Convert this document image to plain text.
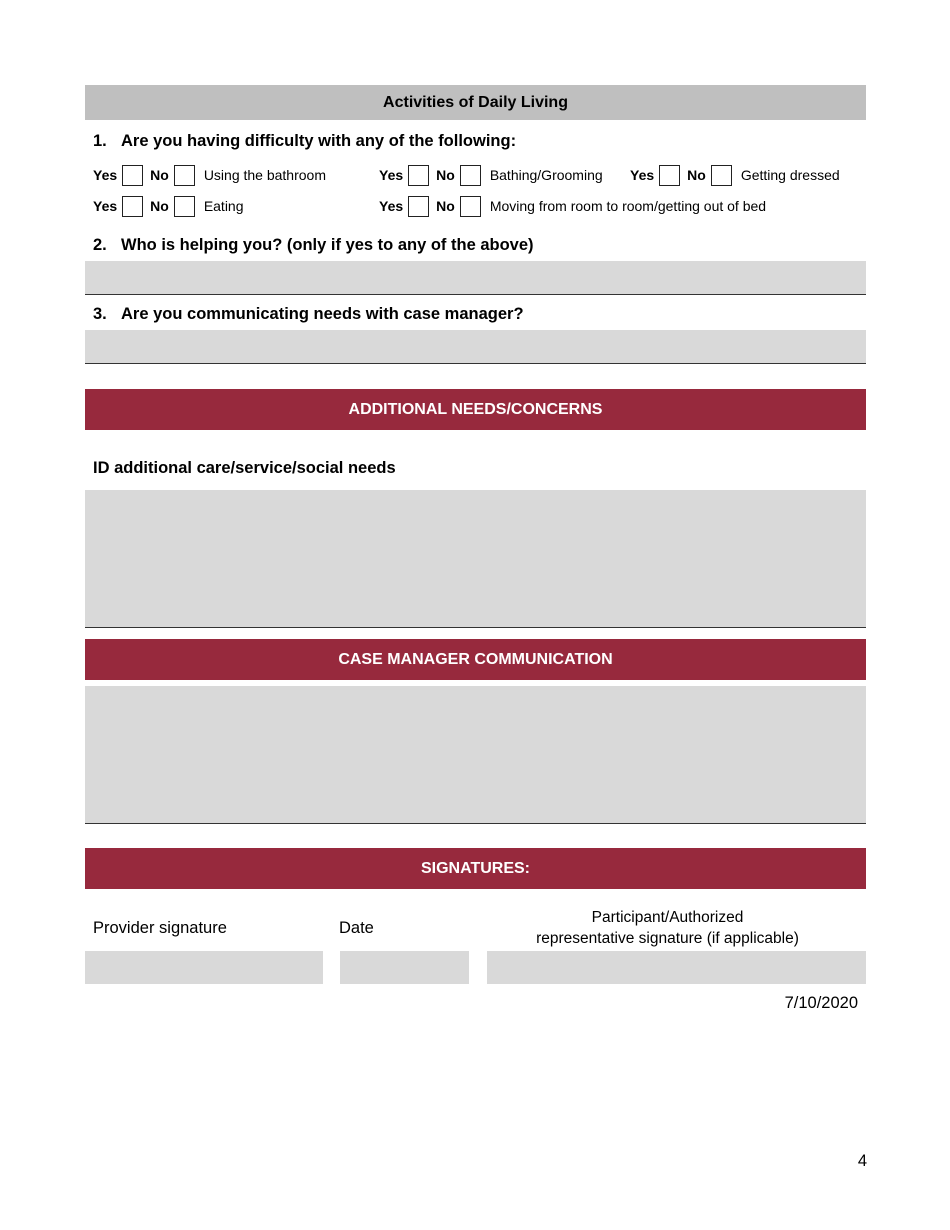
Activities of Daily Living
1. Are you having difficulty with any of the following:
Yes No	Using the bathroom	Yes No	Bathing/Grooming Yes No	Getting dressed
Yes No	Eating	Yes No	Moving from room to room/getting out of bed
2. Who is helping you? (only if yes to any of the above)
3. Are you communicating needs with case manager?
ADDITIONAL NEEDS/CONCERNS
ID additional care/service/social needs
CASE MANAGER COMMUNICATION
SIGNATURES:
Provider signature	Date
Participant/Authorized
representative signature (if applicable)
7/10/2020
4
